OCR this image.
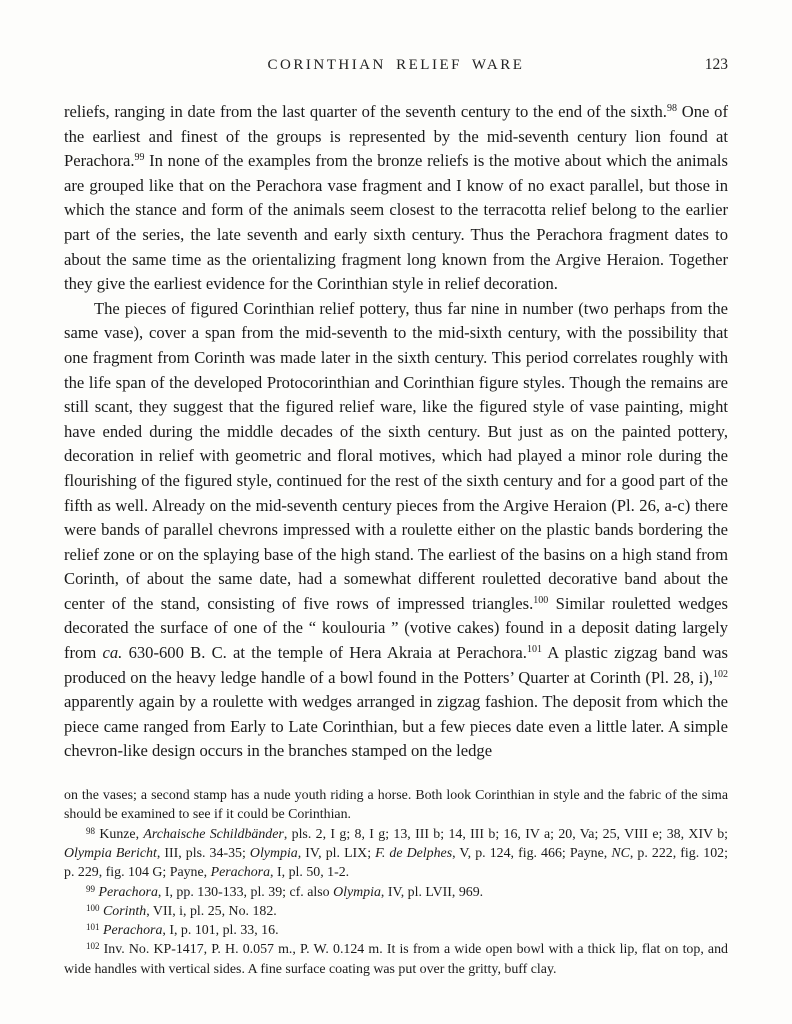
CORINTHIAN RELIEF WARE	123

reliefs, ranging in date from the last quarter of the seventh century to the end of the sixth.$^{98}$ One of the earliest and finest of the groups is represented by the mid-seventh century lion found at Perachora.$^{99}$ In none of the examples from the bronze reliefs is the motive about which the animals are grouped like that on the Perachora vase fragment and I know of no exact parallel, but those in which the stance and form of the animals seem closest to the terracotta relief belong to the earlier part of the series, the late seventh and early sixth century. Thus the Perachora fragment dates to about the same time as the orientalizing fragment long known from the Argive Heraion. Together they give the earliest evidence for the Corinthian style in relief decoration.

The pieces of figured Corinthian relief pottery, thus far nine in number (two perhaps from the same vase), cover a span from the mid-seventh to the mid-sixth century, with the possibility that one fragment from Corinth was made later in the sixth century. This period correlates roughly with the life span of the developed Protocorinthian and Corinthian figure styles. Though the remains are still scant, they suggest that the figured relief ware, like the figured style of vase painting, might have ended during the middle decades of the sixth century. But just as on the painted pottery, decoration in relief with geometric and floral motives, which had played a minor role during the flourishing of the figured style, continued for the rest of the sixth century and for a good part of the fifth as well. Already on the mid-seventh century pieces from the Argive Heraion (Pl. 26, a-c) there were bands of parallel chevrons impressed with a roulette either on the plastic bands bordering the relief zone or on the splaying base of the high stand. The earliest of the basins on a high stand from Corinth, of about the same date, had a somewhat different rouletted decorative band about the center of the stand, consisting of five rows of impressed triangles.$^{100}$ Similar rouletted wedges decorated the surface of one of the “ koulouria ” (votive cakes) found in a deposit dating largely from ca. 630-600 B. C. at the temple of Hera Akraia at Perachora.$^{101}$ A plastic zigzag band was produced on the heavy ledge handle of a bowl found in the Potters’ Quarter at Corinth (Pl. 28, i),$^{102}$ apparently again by a roulette with wedges arranged in zigzag fashion. The deposit from which the piece came ranged from Early to Late Corinthian, but a few pieces date even a little later. A simple chevron-like design occurs in the branches stamped on the ledge

on the vases; a second stamp has a nude youth riding a horse. Both look Corinthian in style and the fabric of the sima should be examined to see if it could be Corinthian.

$^{98}$ Kunze, Archaische Schildbänder, pls. 2, I g; 8, I g; 13, III b; 14, III b; 16, IV a; 20, Va; 25, VIII e; 38, XIV b; Olympia Bericht, III, pls. 34-35; Olympia, IV, pl. LIX; F. de Delphes, V, p. 124, fig. 466; Payne, NC, p. 222, fig. 102; p. 229, fig. 104 G; Payne, Perachora, I, pl. 50, 1-2.

$^{99}$ Perachora, I, pp. 130-133, pl. 39; cf. also Olympia, IV, pl. LVII, 969.

$^{100}$ Corinth, VII, i, pl. 25, No. 182.

$^{101}$ Perachora, I, p. 101, pl. 33, 16.

$^{102}$ Inv. No. KP-1417, P. H. 0.057 m., P. W. 0.124 m. It is from a wide open bowl with a thick lip, flat on top, and wide handles with vertical sides. A fine surface coating was put over the gritty, buff clay.
